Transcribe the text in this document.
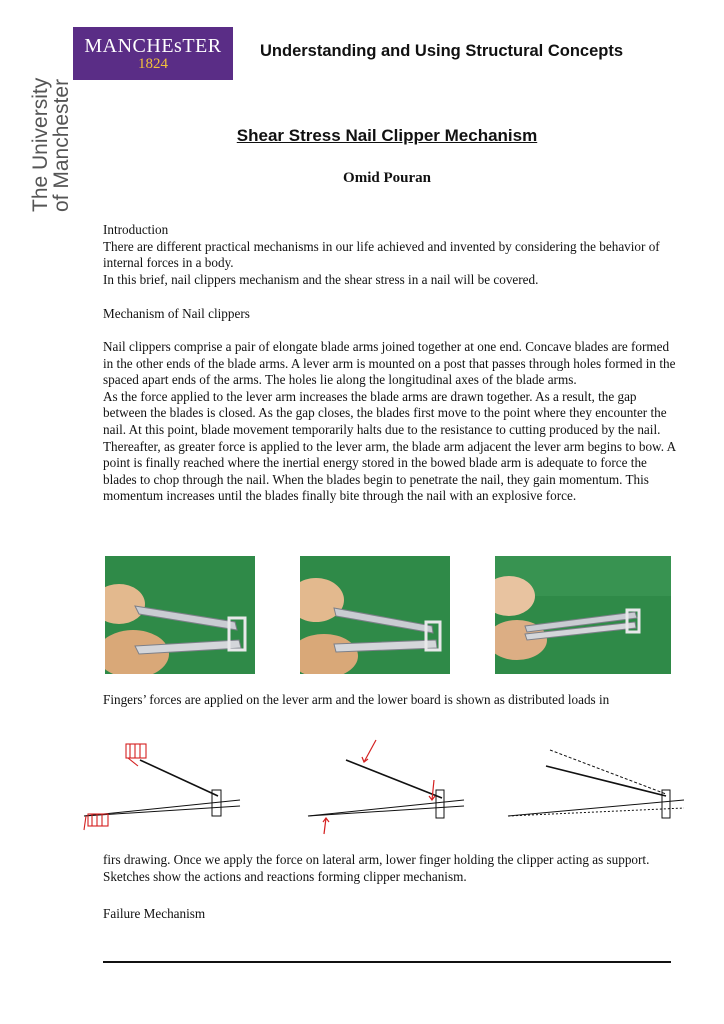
MANCHEsTER
1824
The University
of Manchester
Understanding and Using Structural Concepts
Shear Stress Nail Clipper Mechanism
Omid Pouran

Introduction

There are different practical mechanisms in our life achieved and invented by considering the behavior of internal forces in a body.

In this brief, nail clippers mechanism and the shear stress in a nail will be covered.

Mechanism of Nail clippers

Nail clippers comprise a pair of elongate blade arms joined together at one end. Concave blades are formed in the other ends of the blade arms. A lever arm is mounted on a post that passes through holes formed in the spaced apart ends of the arms. The holes lie along the longitudinal axes of the blade arms.

As the force applied to the lever arm increases the blade arms are drawn together. As a result, the gap between the blades is closed. As the gap closes, the blades first move to the point where they encounter the nail. At this point, blade movement temporarily halts due to the resistance to cutting produced by the nail. Thereafter, as greater force is applied to the lever arm, the blade arm adjacent the lever arm begins to bow. A point is finally reached where the inertial energy stored in the bowed blade arm is adequate to force the blades to chop through the nail. When the blades begin to penetrate the nail, they gain momentum. This momentum increases until the blades finally bite through the nail with an explosive force.

Fingers’ forces are applied on the lever arm and the lower board is shown as distributed loads in
firs drawing. Once we apply the force on lateral arm, lower finger holding the clipper acting as support. Sketches show the actions and reactions forming clipper mechanism.
Failure Mechanism
